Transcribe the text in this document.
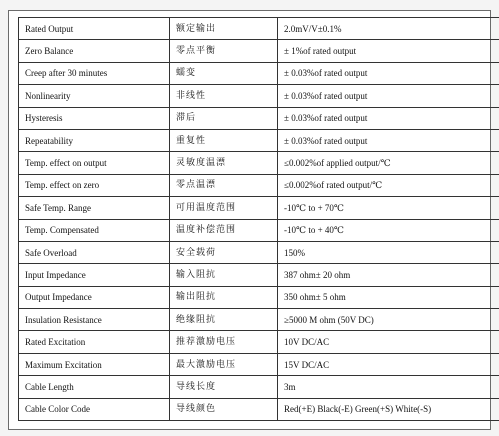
Rated Output	额定输出	2.0mV/V±0.1%
Zero Balance	零点平衡	± 1%of rated output
Creep after 30 minutes	蠕变	± 0.03%of rated output
Nonlinearity	非线性	± 0.03%of rated output
Hysteresis	滞后	± 0.03%of rated output
Repeatability	重复性	± 0.03%of rated output
Temp. effect on output	灵敏度温漂	≤0.002%of applied output/℃
Temp. effect on zero	零点温漂	≤0.002%of rated output/℃
Safe Temp. Range	可用温度范围	-10℃ to + 70℃
Temp. Compensated	温度补偿范围	-10℃ to + 40℃
Safe Overload	安全载荷	150%
Input Impedance	输入阻抗	387 ohm± 20 ohm
Output Impedance	输出阻抗	350 ohm± 5 ohm
Insulation Resistance	绝缘阻抗	≥5000 M ohm (50V DC)
Rated Excitation	推荐激励电压	10V DC/AC
Maximum Excitation	最大激励电压	15V DC/AC
Cable Length	导线长度	3m
Cable Color Code	导线颜色	Red(+E) Black(-E) Green(+S) White(-S)
